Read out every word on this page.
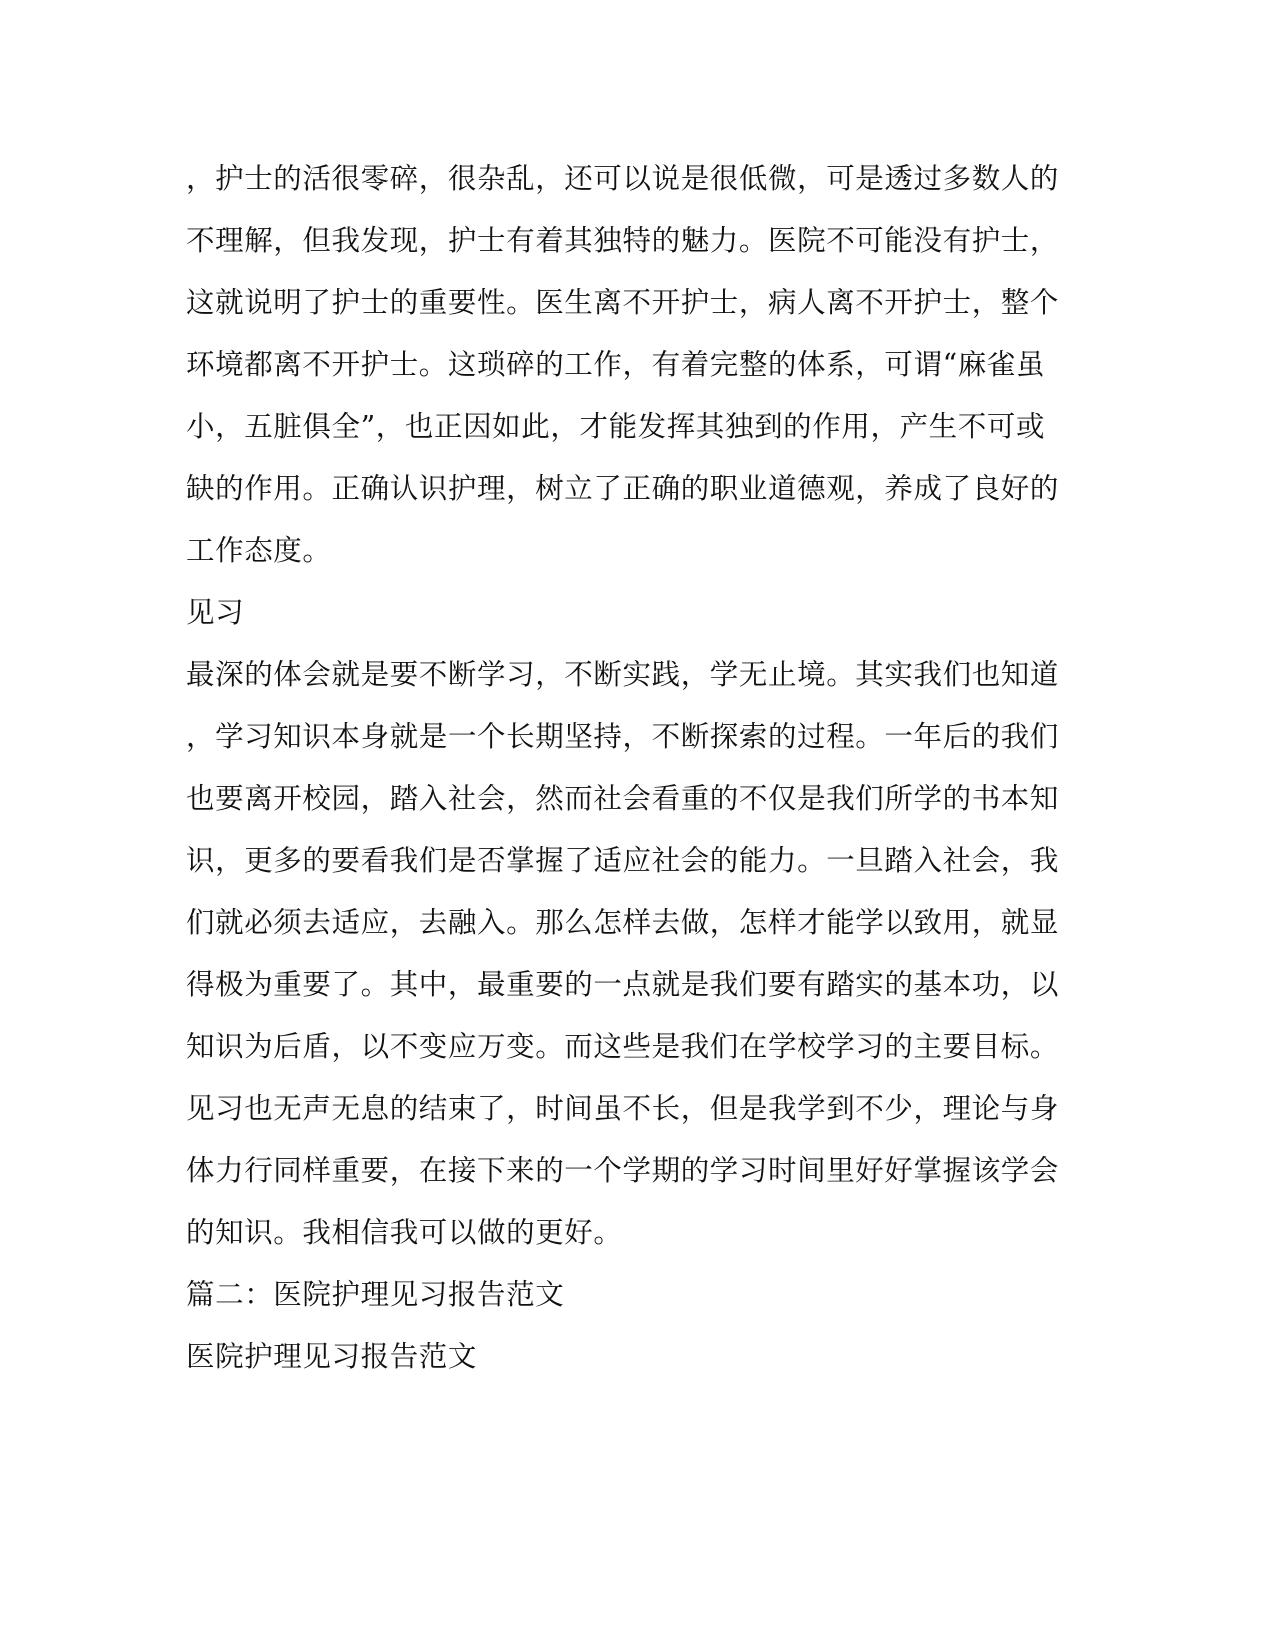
，护士的活很零碎，很杂乱，还可以说是很低微，可是透过多数人的
不理解，但我发现，护士有着其独特的魅力。医院不可能没有护士，
这就说明了护士的重要性。医生离不开护士，病人离不开护士，整个
环境都离不开护士。这琐碎的工作，有着完整的体系，可谓“麻雀虽
小，五脏俱全”，也正因如此，才能发挥其独到的作用，产生不可或
缺的作用。正确认识护理，树立了正确的职业道德观，养成了良好的
工作态度。
见习
最深的体会就是要不断学习，不断实践，学无止境。其实我们也知道
，学习知识本身就是一个长期坚持，不断探索的过程。一年后的我们
也要离开校园，踏入社会，然而社会看重的不仅是我们所学的书本知
识，更多的要看我们是否掌握了适应社会的能力。一旦踏入社会，我
们就必须去适应，去融入。那么怎样去做，怎样才能学以致用，就显
得极为重要了。其中，最重要的一点就是我们要有踏实的基本功，以
知识为后盾，以不变应万变。而这些是我们在学校学习的主要目标。
见习也无声无息的结束了，时间虽不长，但是我学到不少，理论与身
体力行同样重要，在接下来的一个学期的学习时间里好好掌握该学会
的知识。我相信我可以做的更好。
篇二：医院护理见习报告范文
医院护理见习报告范文
